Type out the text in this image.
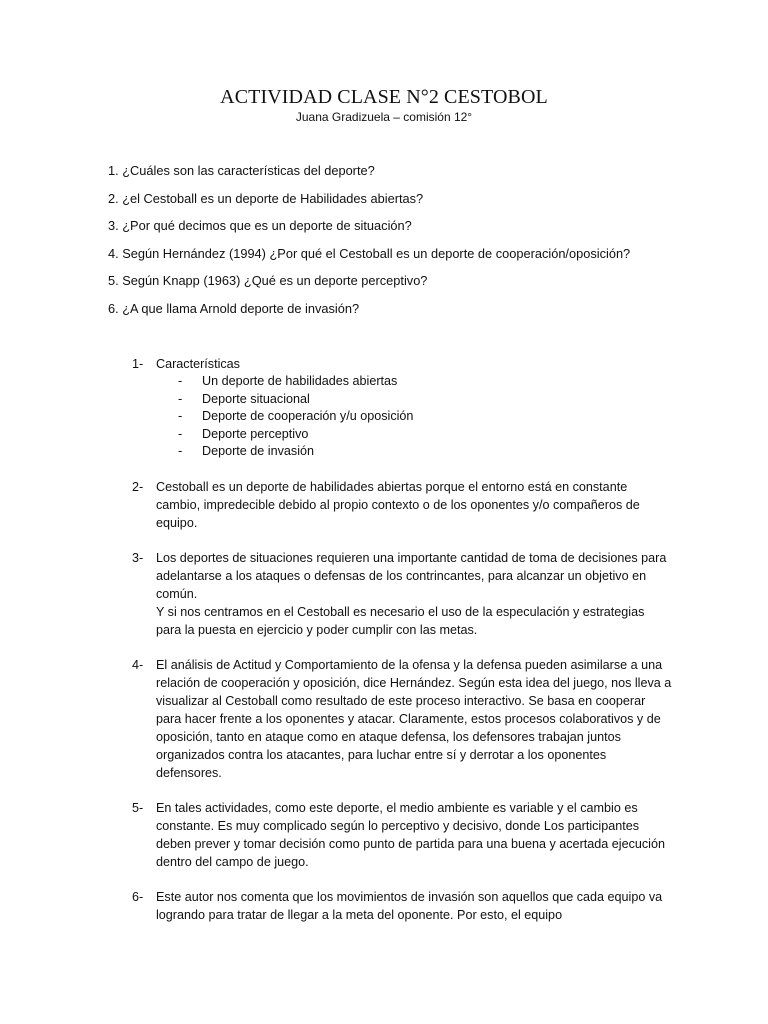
ACTIVIDAD CLASE N°2 CESTOBOL
Juana Gradizuela – comisión 12°
1. ¿Cuáles son las características del deporte?
2. ¿el Cestoball es un deporte de Habilidades abiertas?
3. ¿Por qué decimos que es un deporte de situación?
4. Según Hernández (1994) ¿Por qué el Cestoball es un deporte de cooperación/oposición?
5. Según Knapp (1963) ¿Qué es un deporte perceptivo?
6. ¿A que llama Arnold deporte de invasión?
1- Características

- Un deporte de habilidades abiertas
- Deporte situacional
- Deporte de cooperación y/u oposición
- Deporte perceptivo
- Deporte de invasión
2- Cestoball es un deporte de habilidades abiertas porque el entorno está en constante cambio, impredecible debido al propio contexto o de los oponentes y/o compañeros de equipo.

3- Los deportes de situaciones requieren una importante cantidad de toma de decisiones para adelantarse a los ataques o defensas de los contrincantes, para alcanzar un objetivo en común.

Y si nos centramos en el Cestoball es necesario el uso de la especulación y estrategias para la puesta en ejercicio y poder cumplir con las metas.

4- El análisis de Actitud y Comportamiento de la ofensa y la defensa pueden asimilarse a una relación de cooperación y oposición, dice Hernández. Según esta idea del juego, nos lleva a visualizar al Cestoball como resultado de este proceso interactivo. Se basa en cooperar para hacer frente a los oponentes y atacar. Claramente, estos procesos colaborativos y de oposición, tanto en ataque como en ataque defensa, los defensores trabajan juntos organizados contra los atacantes, para luchar entre sí y derrotar a los oponentes defensores.

5- En tales actividades, como este deporte, el medio ambiente es variable y el cambio es constante. Es muy complicado según lo perceptivo y decisivo, donde Los participantes deben prever y tomar decisión como punto de partida para una buena y acertada ejecución dentro del campo de juego.

6- Este autor nos comenta que los movimientos de invasión son aquellos que cada equipo va logrando para tratar de llegar a la meta del oponente. Por esto, el equipo
